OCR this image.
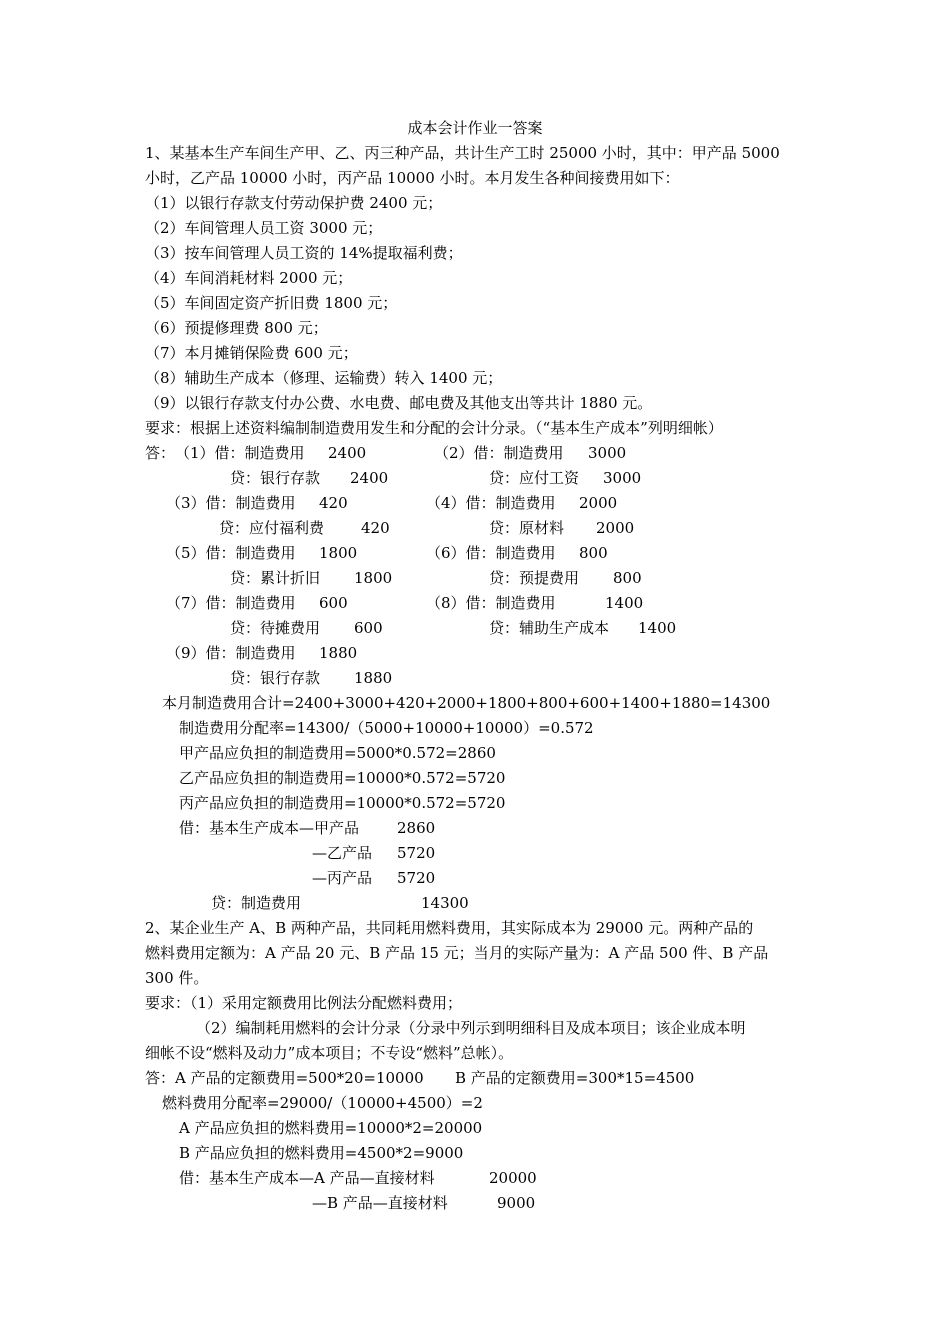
成本会计作业一答案
1、某基本生产车间生产甲、乙、丙三种产品，共计生产工时 25000 小时，其中：甲产品 5000
小时，乙产品 10000 小时，丙产品 10000 小时。本月发生各种间接费用如下：
（1）以银行存款支付劳动保护费 2400 元；
（2）车间管理人员工资 3000 元；
（3）按车间管理人员工资的 14%提取福利费；
（4）车间消耗材料 2000 元；
（5）车间固定资产折旧费 1800 元；
（6）预提修理费 800 元；
（7）本月摊销保险费 600 元；
（8）辅助生产成本（修理、运输费）转入 1400 元；
（9）以银行存款支付办公费、水电费、邮电费及其他支出等共计 1880 元。
要求：根据上述资料编制制造费用发生和分配的会计分录。（“基本生产成本”列明细帐）
答： （1）借：制造费用 2400	（2）借：制造费用 3000
贷：银行存款 2400	贷：应付工资 3000
（3）借：制造费用 420	（4）借：制造费用 2000
贷：应付福利费 420	贷：原材料 2000
（5）借：制造费用 1800	（6）借：制造费用 800
贷：累计折旧 1800	贷：预提费用 800
（7）借：制造费用 600	（8）借：制造费用	1400
贷：待摊费用 600	贷：辅助生产成本 1400
（9）借：制造费用 1880
贷：银行存款 1880
本月制造费用合计=2400+3000+420+2000+1800+800+600+1400+1880=14300
制造费用分配率=14300/（5000+10000+10000）=0.572
甲产品应负担的制造费用=5000*0.572=2860
乙产品应负担的制造费用=10000*0.572=5720
丙产品应负担的制造费用=10000*0.572=5720
借：基本生产成本—甲产品	2860
—乙产品 5720
—丙产品 5720
贷：制造费用	14300
2、某企业生产 A、B 两种产品，共同耗用燃料费用，其实际成本为 29000 元。两种产品的
燃料费用定额为：A 产品 20 元、B 产品 15 元；当月的实际产量为：A 产品 500 件、B 产品
300 件。
要求：（1）采用定额费用比例法分配燃料费用；
（2）编制耗用燃料的会计分录（分录中列示到明细科目及成本项目；该企业成本明
细帐不设“燃料及动力”成本项目；不专设“燃料”总帐）。
答：A 产品的定额费用=500*20=10000 B 产品的定额费用=300*15=4500
燃料费用分配率=29000/（10000+4500）=2
A 产品应负担的燃料费用=10000*2=20000
B 产品应负担的燃料费用=4500*2=9000
借：基本生产成本—A 产品—直接材料	20000
—B 产品—直接材料	9000
